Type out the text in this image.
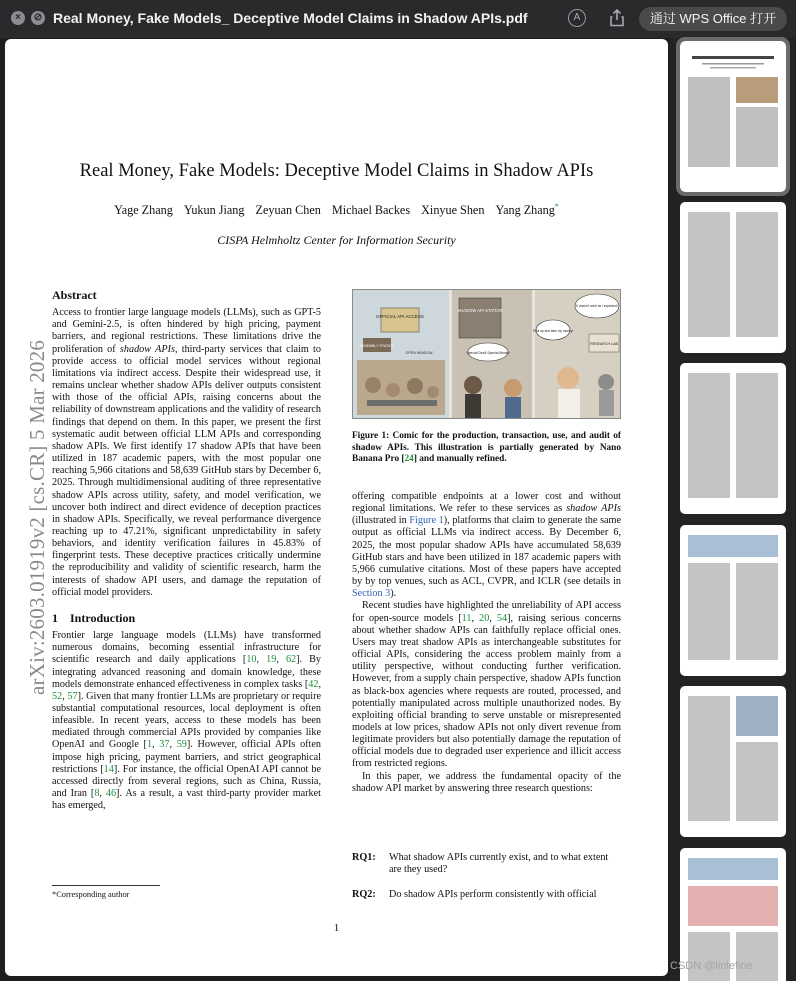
×	⊘ Real Money, Fake Models_ Deceptive Model Claims in Shadow APIs.pdf	A	通过 WPS Office 打开
Real Money, Fake Models: Deceptive Model Claims in Shadow APIs
Yage Zhang Yukun Jiang Zeyuan Chen Michael Backes Xinyue Shen Yang Zhang*
CISPA Helmholtz Center for Information Security
arXiv:2603.01919v2 [cs.CR] 5 Mar 2026
Abstract

Access to frontier large language models (LLMs), such as GPT-5 and Gemini-2.5, is often hindered by high pricing, payment barriers, and regional restrictions. These limitations drive the proliferation of shadow APIs, third-party services that claim to provide access to official model services without regional limitations via indirect access. Despite their widespread use, it remains unclear whether shadow APIs deliver outputs consistent with those of the official APIs, raising concerns about the reliability of downstream applications and the validity of research findings that depend on them. In this paper, we present the first systematic audit between official LLM APIs and corresponding shadow APIs. We first identify 17 shadow APIs that have been utilized in 187 academic papers, with the most popular one reaching 5,966 citations and 58,639 GitHub stars by December 6, 2025. Through multidimensional auditing of three representative shadow APIs across utility, safety, and model verification, we uncover both indirect and direct evidence of deception practices in shadow APIs. Specifically, we reveal performance divergence reaching up to 47.21%, significant unpredictability in safety behaviors, and identity verification failures in 45.83% of fingerprint tests. These deceptive practices critically undermine the reproducibility and validity of scientific research, harm the interests of shadow API users, and damage the reputation of official model providers.

1 Introduction

Frontier large language models (LLMs) have transformed numerous domains, becoming essential infrastructure for scientific research and daily applications [10, 19, 62]. By integrating advanced reasoning and domain knowledge, these models demonstrate enhanced effectiveness in complex tasks [42, 52, 57]. Given that many frontier LLMs are proprietary or require substantial computational resources, local deployment is often infeasible. In recent years, access to these models has been mediated through commercial APIs provided by companies like OpenAI and Google [1, 37, 59]. However, official APIs often impose high pricing, payment barriers, and strict geographical restrictions [14]. For instance, the official OpenAI API cannot be accessed directly from several regions, such as China, Russia, and Iran [8, 46]. As a result, a vast third-party provider market has emerged,

OFFICIAL API ACCESS
ASSEMBLY STATION
OPEN WINDOW
SHADOW API STATION
Special Deal! Special Model!
Shut up and take my money!
It doesn't work as I expected!
RESEARCH LAB
Figure 1: Comic for the production, transaction, use, and audit of shadow APIs. This illustration is partially generated by Nano Banana Pro [24] and manually refined.

offering compatible endpoints at a lower cost and without regional limitations. We refer to these services as shadow APIs (illustrated in Figure 1), platforms that claim to generate the same output as official LLMs via indirect access. By December 6, 2025, the most popular shadow APIs have accumulated 58,639 GitHub stars and have been utilized in 187 academic papers with 5,966 cumulative citations. Most of these papers have accepted by by top venues, such as ACL, CVPR, and ICLR (see details in Section 3).

Recent studies have highlighted the unreliability of API access for open-source models [11, 20, 54], raising serious concerns about whether shadow APIs can faithfully replace official ones. Users may treat shadow APIs as interchangeable substitutes for official APIs, considering the access problem mainly from a utility perspective, without conducting further verification. However, from a supply chain perspective, shadow APIs function as black-box agencies where requests are routed, processed, and potentially manipulated across multiple unauthorized nodes. By exploiting official branding to serve unstable or misrepresented models at low prices, shadow APIs not only divert revenue from legitimate providers but also potentially damage the reputation of official models due to degraded user experience and illicit access from restricted regions.

In this paper, we address the fundamental opacity of the shadow API market by answering three research questions:

RQ1: What shadow APIs currently exist, and to what extent are they used?
RQ2: Do shadow APIs perform consistently with official
*Corresponding author
1
CSDN @linlefine
